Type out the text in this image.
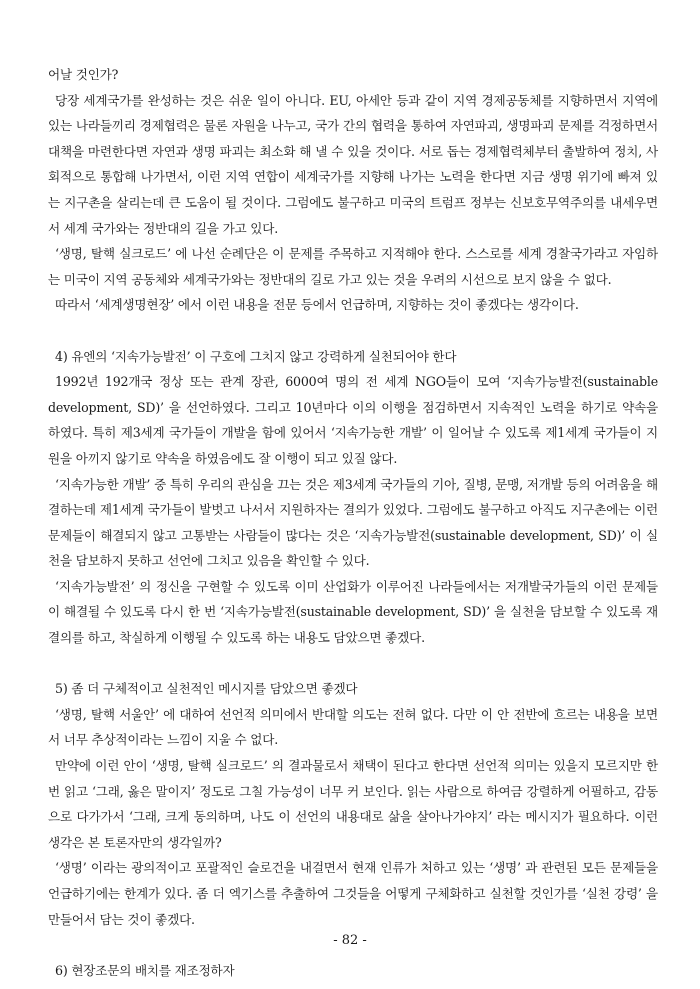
어날 것인가?

당장 세계국가를 완성하는 것은 쉬운 일이 아니다. EU, 아세안 등과 같이 지역 경제공동체를 지향하면서 지역에 있는 나라들끼리 경제협력은 물론 자원을 나누고, 국가 간의 협력을 통하여 자연파괴, 생명파괴 문제를 걱정하면서 대책을 마련한다면 자연과 생명 파괴는 최소화 해 낼 수 있을 것이다. 서로 돕는 경제협력체부터 출발하여 정치, 사회적으로 통합해 나가면서, 이런 지역 연합이 세계국가를 지향해 나가는 노력을 한다면 지금 생명 위기에 빠져 있는 지구촌을 살리는데 큰 도움이 될 것이다. 그럼에도 불구하고 미국의 트럼프 정부는 신보호무역주의를 내세우면서 세계 국가와는 정반대의 길을 가고 있다.

‘생명, 탈핵 실크로드’ 에 나선 순례단은 이 문제를 주목하고 지적해야 한다. 스스로를 세계 경찰국가라고 자임하는 미국이 지역 공동체와 세계국가와는 정반대의 길로 가고 있는 것을 우려의 시선으로 보지 않을 수 없다.

따라서 ‘세계생명현장’ 에서 이런 내용을 전문 등에서 언급하며, 지향하는 것이 좋겠다는 생각이다.

4) 유엔의 ‘지속가능발전’ 이 구호에 그치지 않고 강력하게 실천되어야 한다

1992년 192개국 정상 또는 관계 장관, 6000여 명의 전 세계 NGO들이 모여 ‘지속가능발전(sustainable development, SD)’ 을 선언하였다. 그리고 10년마다 이의 이행을 점검하면서 지속적인 노력을 하기로 약속을 하였다. 특히 제3세계 국가들이 개발을 함에 있어서 ‘지속가능한 개발’ 이 일어날 수 있도록 제1세계 국가들이 지원을 아끼지 않기로 약속을 하였음에도 잘 이행이 되고 있질 않다.

‘지속가능한 개발’ 중 특히 우리의 관심을 끄는 것은 제3세계 국가들의 기아, 질병, 문맹, 저개발 등의 어려움을 해결하는데 제1세계 국가들이 발벗고 나서서 지원하자는 결의가 있었다. 그럼에도 불구하고 아직도 지구촌에는 이런 문제들이 해결되지 않고 고통받는 사람들이 많다는 것은 ‘지속가능발전(sustainable development, SD)’ 이 실천을 담보하지 못하고 선언에 그치고 있음을 확인할 수 있다.

‘지속가능발전’ 의 정신을 구현할 수 있도록 이미 산업화가 이루어진 나라들에서는 저개발국가들의 이런 문제들이 해결될 수 있도록 다시 한 번 ‘지속가능발전(sustainable development, SD)’ 을 실천을 담보할 수 있도록 재 결의를 하고, 착실하게 이행될 수 있도록 하는 내용도 담았으면 좋겠다.

5) 좀 더 구체적이고 실천적인 메시지를 담았으면 좋겠다

‘생명, 탈핵 서울안’ 에 대하여 선언적 의미에서 반대할 의도는 전혀 없다. 다만 이 안 전반에 흐르는 내용을 보면서 너무 추상적이라는 느낌이 지울 수 없다.

만약에 이런 안이 ‘생명, 탈핵 실크로드’ 의 결과물로서 채택이 된다고 한다면 선언적 의미는 있을지 모르지만 한 번 읽고 ‘그래, 옳은 말이지’ 정도로 그칠 가능성이 너무 커 보인다. 읽는 사람으로 하여금 강렬하게 어필하고, 감동으로 다가가서 ‘그래, 크게 동의하며, 나도 이 선언의 내용대로 삶을 살아나가야지’ 라는 메시지가 필요하다. 이런 생각은 본 토론자만의 생각일까?

‘생명’ 이라는 광의적이고 포괄적인 슬로건을 내걸면서 현재 인류가 처하고 있는 ‘생명’ 과 관련된 모든 문제들을 언급하기에는 한계가 있다. 좀 더 엑기스를 추출하여 그것들을 어떻게 구체화하고 실천할 것인가를 ‘실천 강령’ 을 만들어서 담는 것이 좋겠다.

6) 현장조문의 배치를 재조정하자

- 82 -
